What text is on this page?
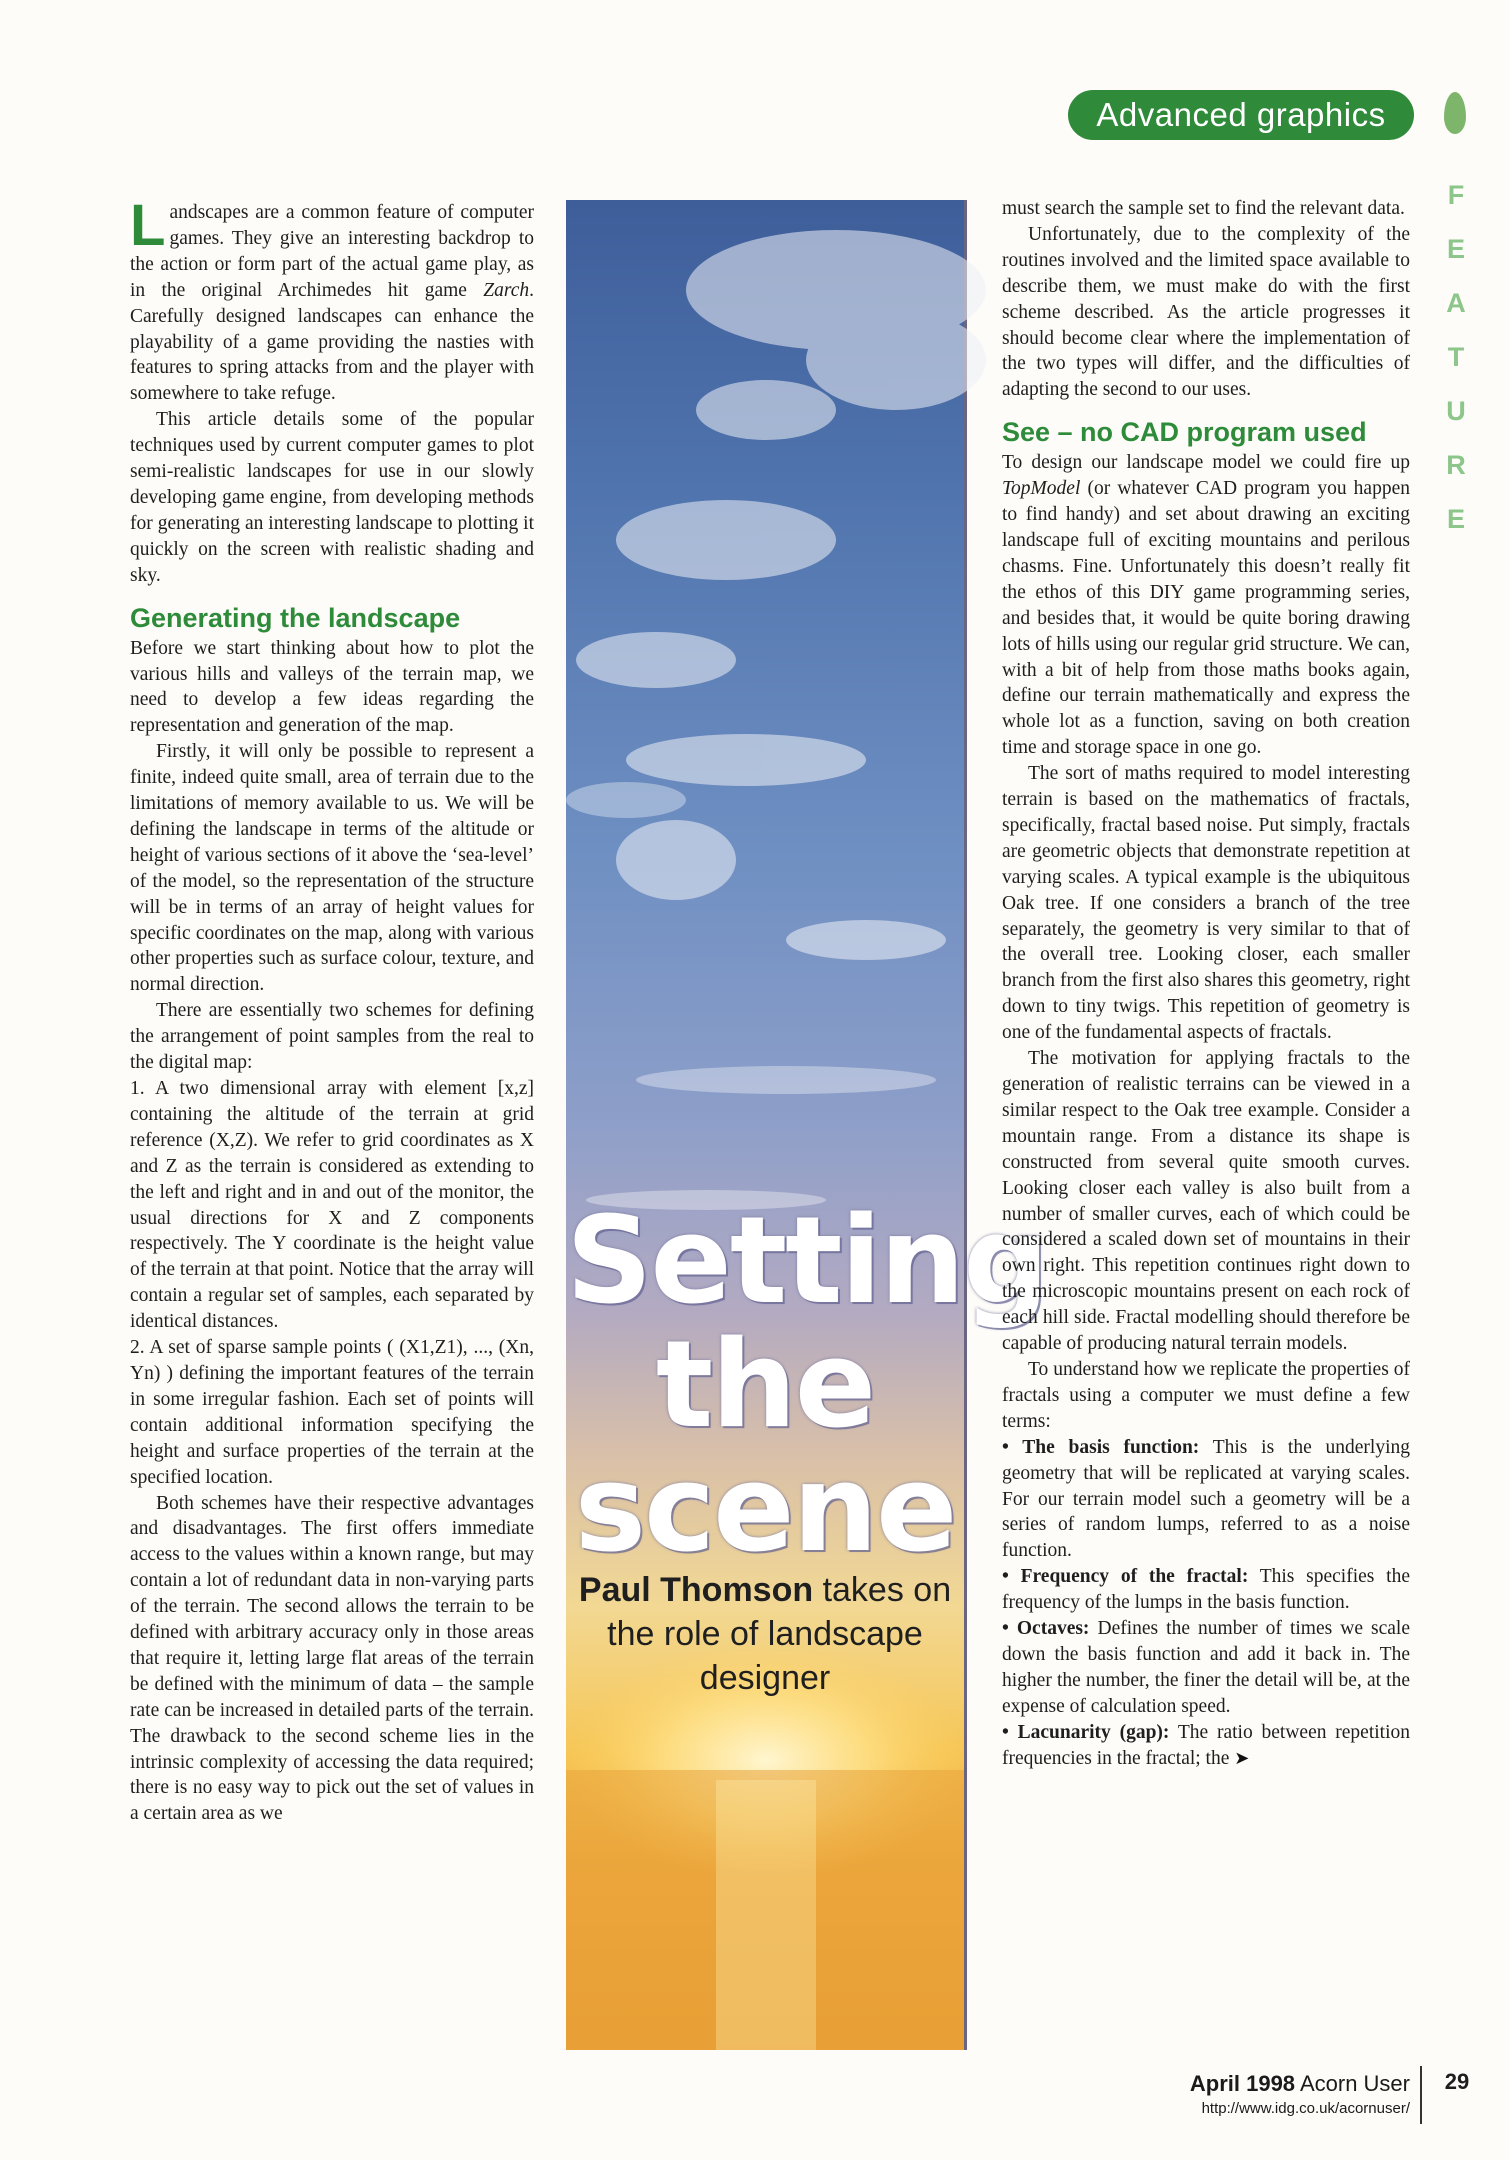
Advanced graphics
F
E
A
T
U
R
E

Landscapes are a common feature of computer games. They give an interesting backdrop to the action or form part of the actual game play, as in the original Archimedes hit game Zarch. Carefully designed landscapes can enhance the playability of a game providing the nasties with features to spring attacks from and the player with somewhere to take refuge.

This article details some of the popular techniques used by current computer games to plot semi-realistic landscapes for use in our slowly developing game engine, from developing methods for generating an interesting landscape to plotting it quickly on the screen with realistic shading and sky.

Generating the landscape

Before we start thinking about how to plot the various hills and valleys of the terrain map, we need to develop a few ideas regarding the representation and generation of the map.

Firstly, it will only be possible to represent a finite, indeed quite small, area of terrain due to the limitations of memory available to us. We will be defining the landscape in terms of the altitude or height of various sections of it above the ‘sea-level’ of the model, so the representation of the structure will be in terms of an array of height values for specific coordinates on the map, along with various other properties such as surface colour, texture, and normal direction.

There are essentially two schemes for defining the arrangement of point samples from the real to the digital map:

1. A two dimensional array with element [x,z] containing the altitude of the terrain at grid reference (X,Z). We refer to grid coordinates as X and Z as the terrain is considered as extending to the left and right and in and out of the monitor, the usual directions for X and Z components respectively. The Y coordinate is the height value of the terrain at that point. Notice that the array will contain a regular set of samples, each separated by identical distances.

2. A set of sparse sample points ( (X1,Z1), ..., (Xn, Yn) ) defining the important features of the terrain in some irregular fashion. Each set of points will contain additional information specifying the height and surface properties of the terrain at the specified location.

Both schemes have their respective advantages and disadvantages. The first offers immediate access to the values within a known range, but may contain a lot of redundant data in non-varying parts of the terrain. The second allows the terrain to be defined with arbitrary accuracy only in those areas that require it, letting large flat areas of the terrain be defined with the minimum of data – the sample rate can be increased in detailed parts of the terrain. The drawback to the second scheme lies in the intrinsic complexity of accessing the data required; there is no easy way to pick out the set of values in a certain area as we

Setting
the
scene
Paul Thomson takes on the role of landscape designer

must search the sample set to find the relevant data.

Unfortunately, due to the complexity of the routines involved and the limited space available to describe them, we must make do with the first scheme described. As the article progresses it should become clear where the implementation of the two types will differ, and the difficulties of adapting the second to our uses.

See – no CAD program used

To design our landscape model we could fire up TopModel (or whatever CAD program you happen to find handy) and set about drawing an exciting landscape full of exciting mountains and perilous chasms. Fine. Unfortunately this doesn’t really fit the ethos of this DIY game programming series, and besides that, it would be quite boring drawing lots of hills using our regular grid structure. We can, with a bit of help from those maths books again, define our terrain mathematically and express the whole lot as a function, saving on both creation time and storage space in one go.

The sort of maths required to model interesting terrain is based on the mathematics of fractals, specifically, fractal based noise. Put simply, fractals are geometric objects that demonstrate repetition at varying scales. A typical example is the ubiquitous Oak tree. If one considers a branch of the tree separately, the geometry is very similar to that of the overall tree. Looking closer, each smaller branch from the first also shares this geometry, right down to tiny twigs. This repetition of geometry is one of the fundamental aspects of fractals.

The motivation for applying fractals to the generation of realistic terrains can be viewed in a similar respect to the Oak tree example. Consider a mountain range. From a distance its shape is constructed from several quite smooth curves. Looking closer each valley is also built from a number of smaller curves, each of which could be considered a scaled down set of mountains in their own right. This repetition continues right down to the microscopic mountains present on each rock of each hill side. Fractal modelling should therefore be capable of producing natural terrain models.

To understand how we replicate the properties of fractals using a computer we must define a few terms:

• The basis function: This is the underlying geometry that will be replicated at varying scales. For our terrain model such a geometry will be a series of random lumps, referred to as a noise function.

• Frequency of the fractal: This specifies the frequency of the lumps in the basis function.

• Octaves: Defines the number of times we scale down the basis function and add it back in. The higher the number, the finer the detail will be, at the expense of calculation speed.

• Lacunarity (gap): The ratio between repetition frequencies in the fractal; the ➤

April 1998 Acorn User
http://www.idg.co.uk/acornuser/
29
